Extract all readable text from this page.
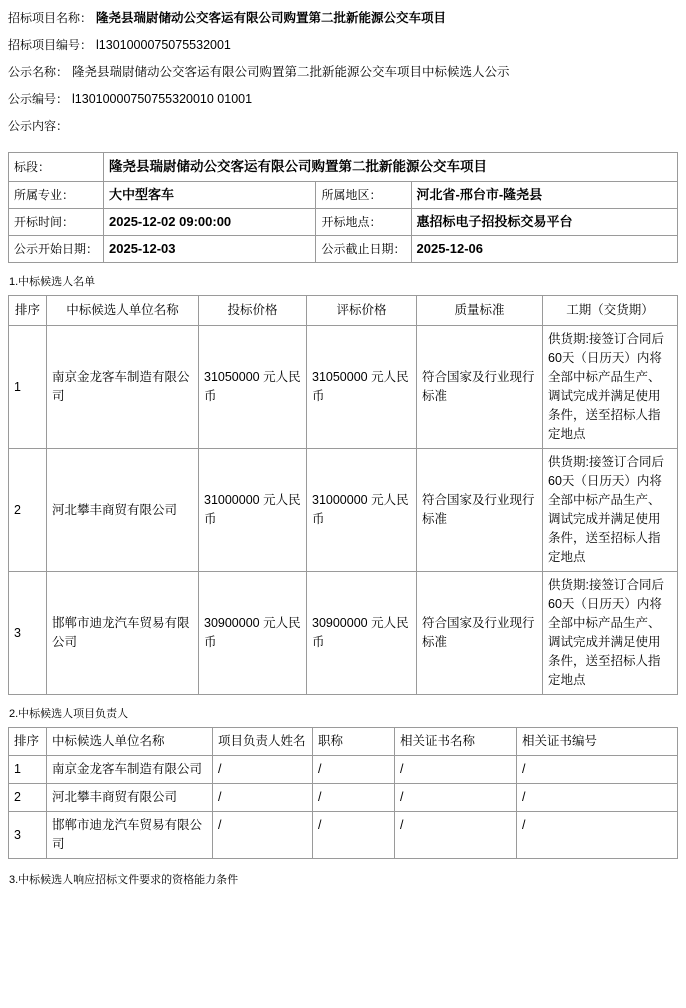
招标项目名称： 隆尧县瑞尉储动公交客运有限公司购置第二批新能源公交车项目
招标项目编号： l1301000075075532001
公示名称： 隆尧县瑞尉储动公交客运有限公司购置第二批新能源公交车项目中标候选人公示
公示编号： l13010000750755320010 01001
公示内容：
标段：	隆尧县瑞尉储动公交客运有限公司购置第二批新能源公交车项目		
所属专业：	大中型客车	所属地区：	河北省-邢台市-隆尧县
开标时间：	2025-12-02 09:00:00	开标地点：	惠招标电子招投标交易平台
公示开始日期：	2025-12-03	公示截止日期：	2025-12-06
1.中标候选人名单
排序	中标候选人单位名称	投标价格	评标价格	质量标准	工期（交货期）
1	南京金龙客车制造有限公司	31050000 元人民币	31050000 元人民币	符合国家及行业现行标准	供货期:接签订合同后60天（日历天）内将全部中标产品生产、调试完成并满足使用条件，送至招标人指定地点
2	河北攀丰商贸有限公司	31000000 元人民币	31000000 元人民币	符合国家及行业现行标准	供货期:接签订合同后 60天（日历天）内将全部中标产品生产、调试完成并满足使用条件，送至招标人指定地点
3	邯郸市迪龙汽车贸易有限公司	30900000 元人民币	30900000 元人民币	符合国家及行业现行标准	供货期:接签订合同后 60天（日历天）内将全部中标产品生产、调试完成并满足使用条件，送至招标人指定地点
2.中标候选人项目负责人
排序	中标候选人单位名称	项目负责人姓名	职称	相关证书名称	相关证书编号
1	南京金龙客车制造有限公司	/	/	/	/
2	河北攀丰商贸有限公司	/	/	/	/
3	邯郸市迪龙汽车贸易有限公司	/	/	/	/
3.中标候选人响应招标文件要求的资格能力条件
